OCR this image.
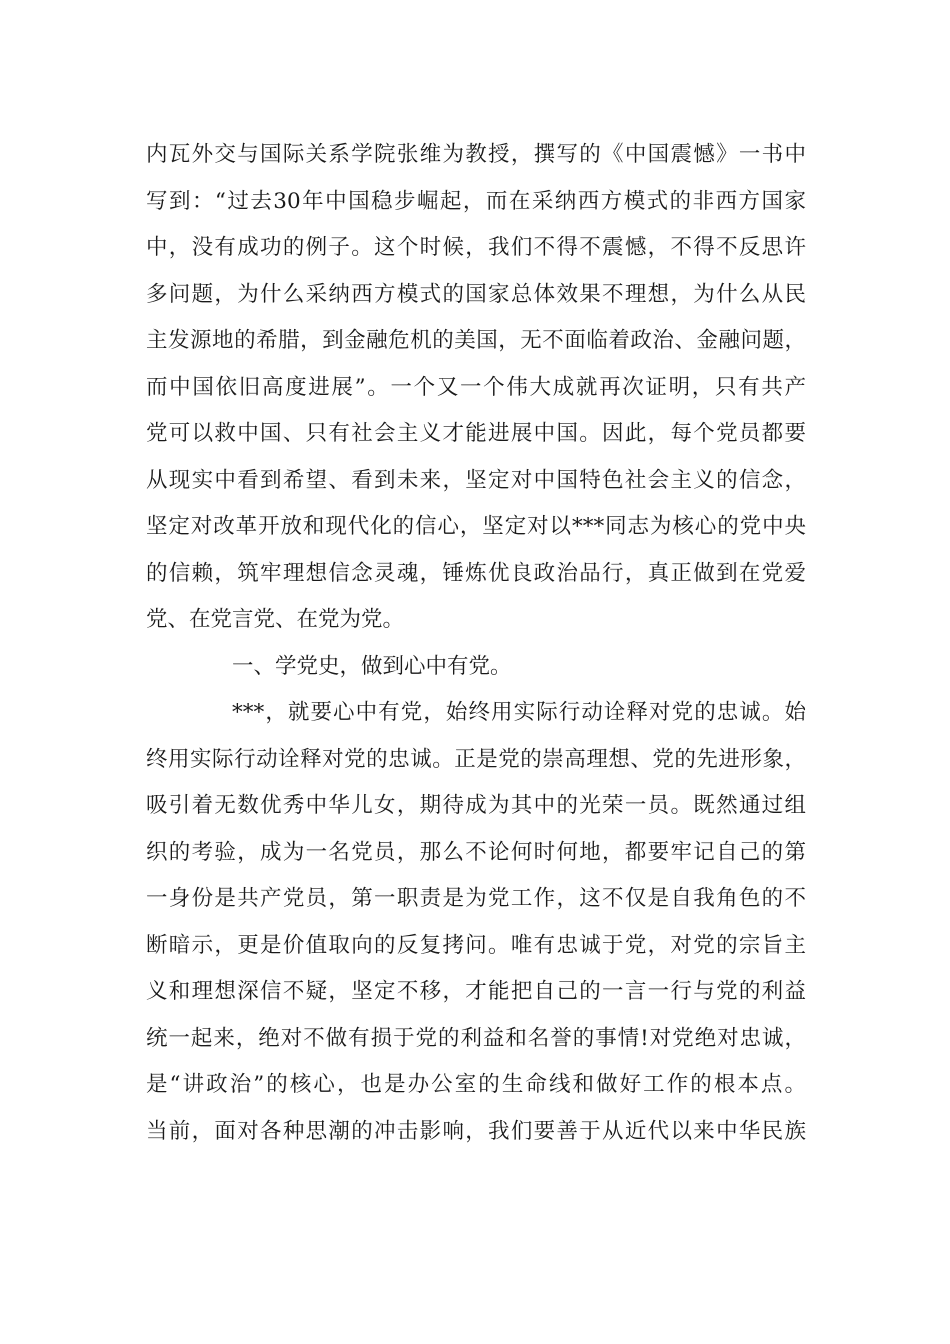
内瓦外交与国际关系学院张维为教授，撰写的《中国震憾》一书中
写到：“过去30年中国稳步崛起，而在采纳西方模式的非西方国家
中，没有成功的例子。这个时候，我们不得不震憾，不得不反思许
多问题，为什么采纳西方模式的国家总体效果不理想，为什么从民
主发源地的希腊，到金融危机的美国，无不面临着政治、金融问题，
而中国依旧高度进展”。一个又一个伟大成就再次证明，只有共产
党可以救中国、只有社会主义才能进展中国。因此，每个党员都要
从现实中看到希望、看到未来，坚定对中国特色社会主义的信念，
坚定对改革开放和现代化的信心，坚定对以***同志为核心的党中央
的信赖，筑牢理想信念灵魂，锤炼优良政治品行，真正做到在党爱
党、在党言党、在党为党。
一、学党史，做到心中有党。
***，就要心中有党，始终用实际行动诠释对党的忠诚。始
终用实际行动诠释对党的忠诚。正是党的崇高理想、党的先进形象，
吸引着无数优秀中华儿女，期待成为其中的光荣一员。既然通过组
织的考验，成为一名党员，那么不论何时何地，都要牢记自己的第
一身份是共产党员，第一职责是为党工作，这不仅是自我角色的不
断暗示，更是价值取向的反复拷问。唯有忠诚于党，对党的宗旨主
义和理想深信不疑，坚定不移，才能把自己的一言一行与党的利益
统一起来，绝对不做有损于党的利益和名誉的事情!对党绝对忠诚，
是“讲政治”的核心，也是办公室的生命线和做好工作的根本点。
当前，面对各种思潮的冲击影响，我们要善于从近代以来中华民族
